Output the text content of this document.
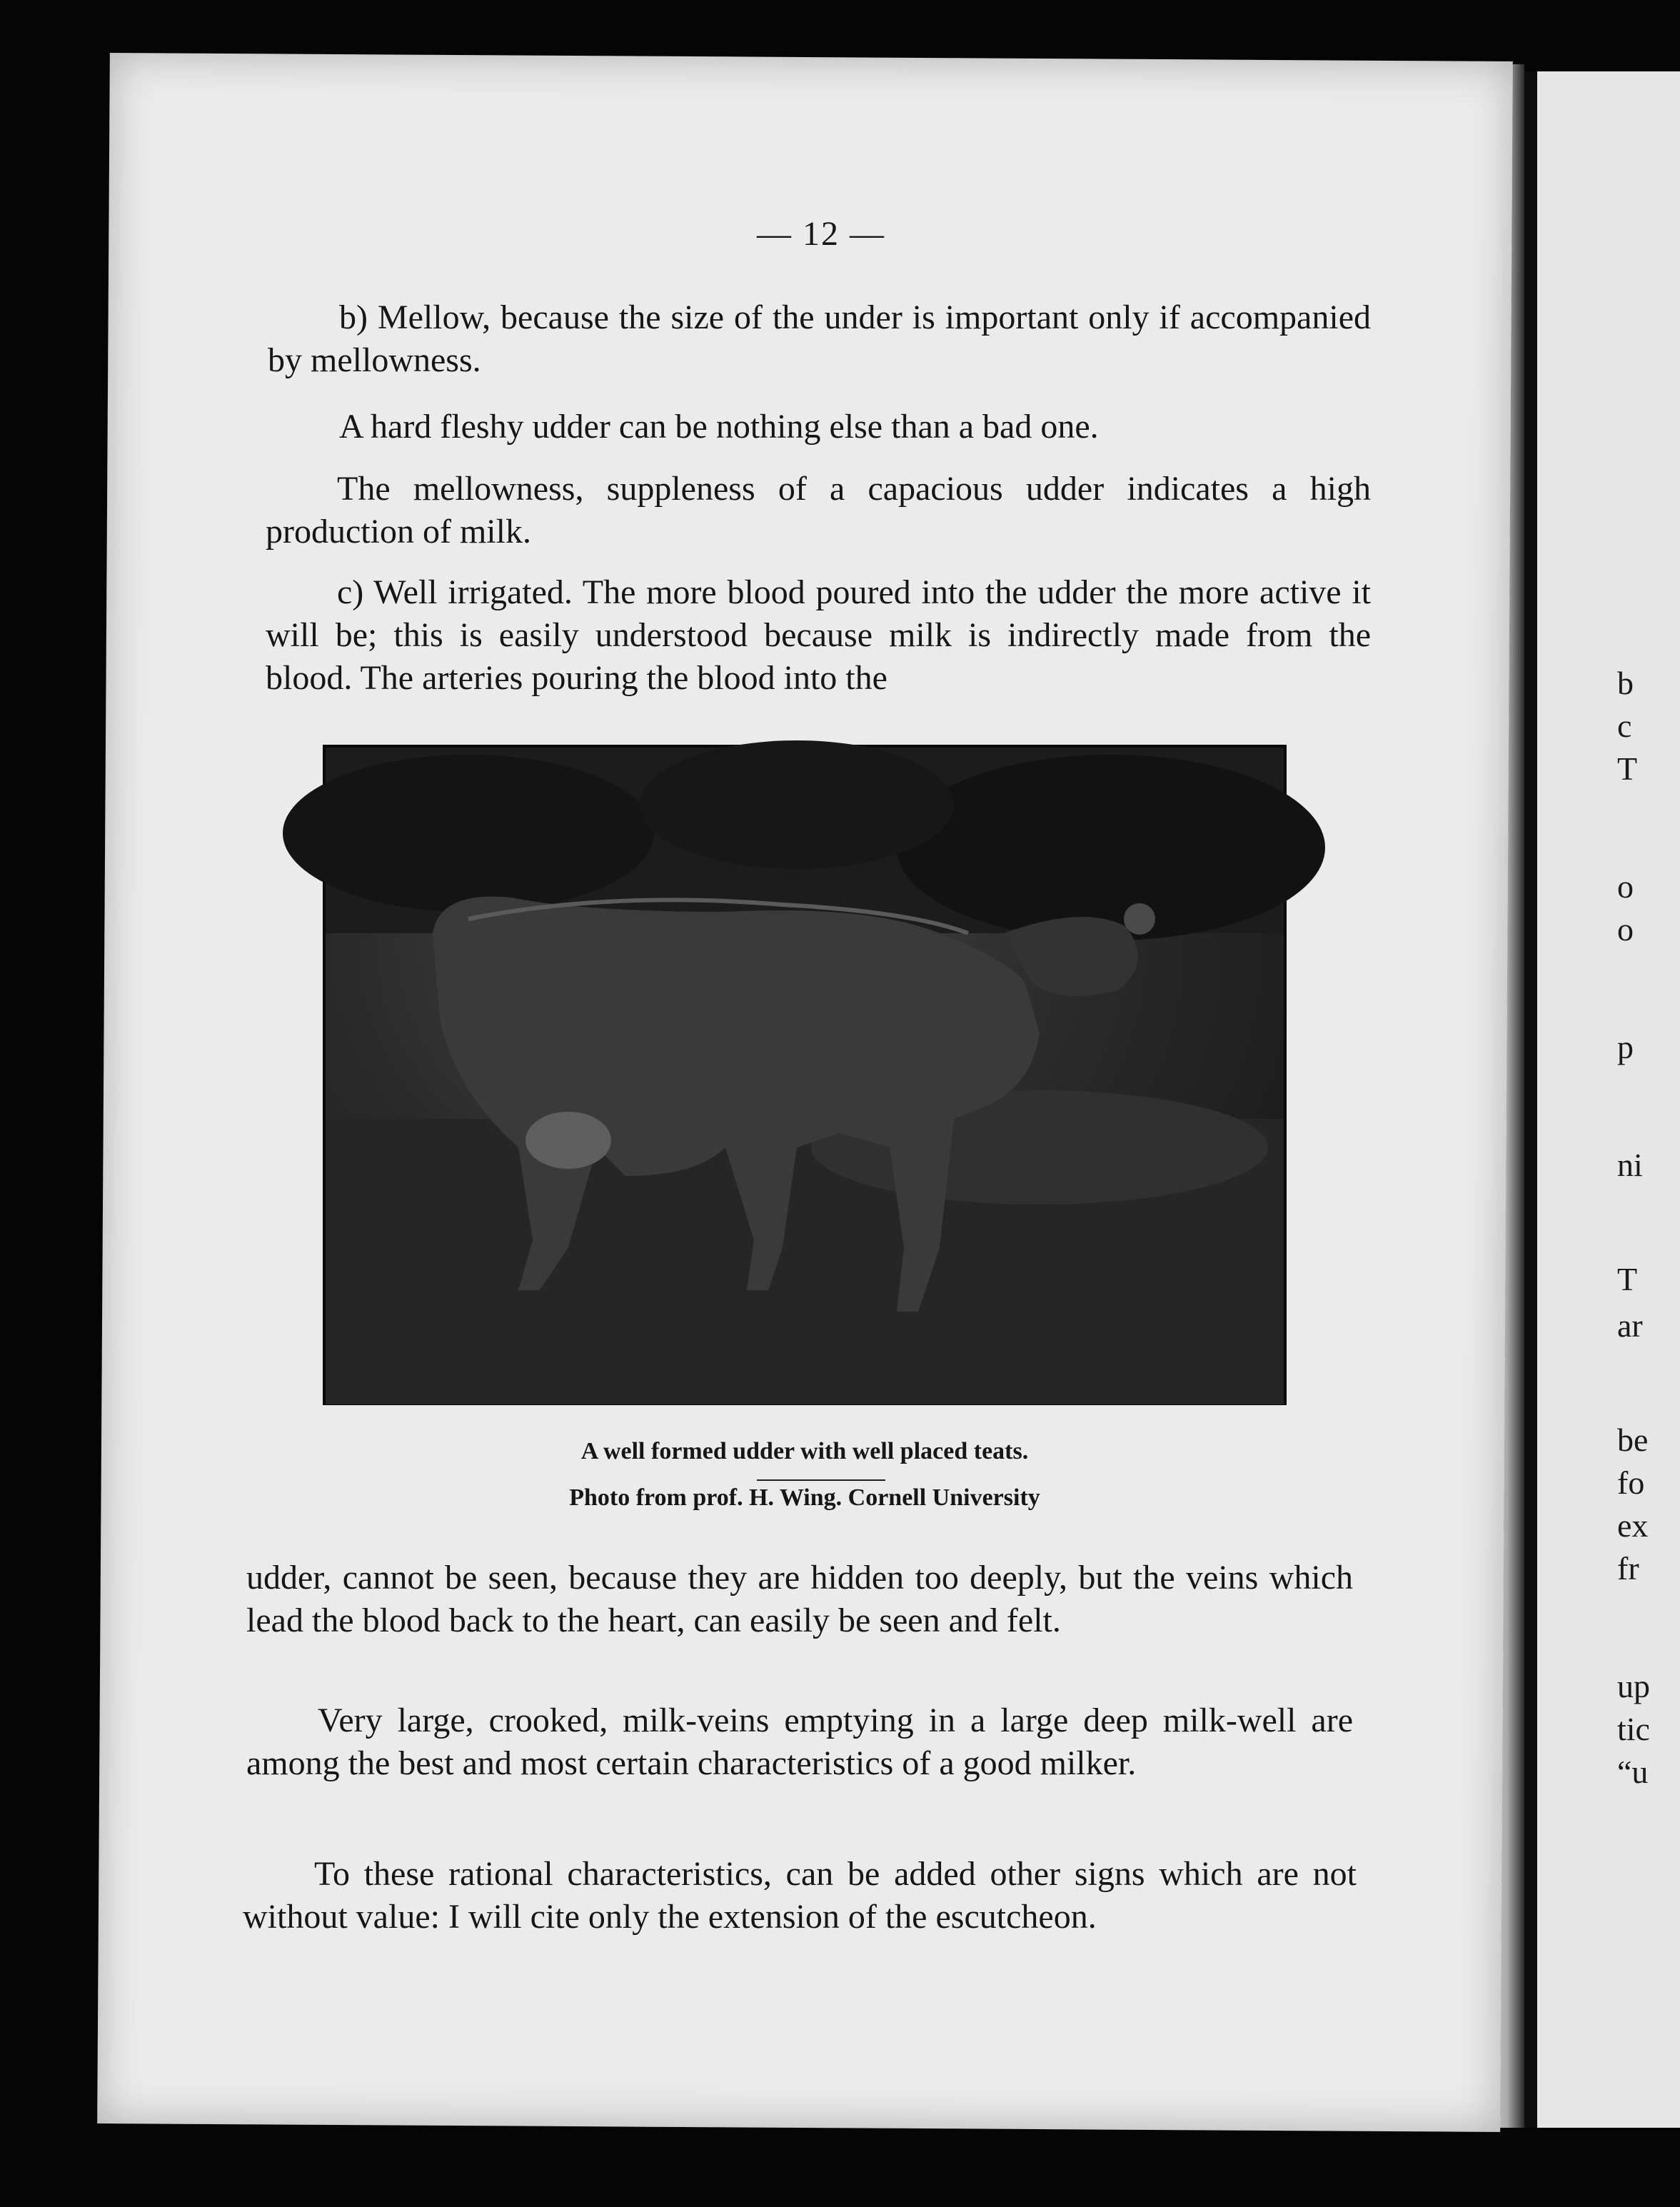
— 12 —
b) Mellow, because the size of the under is important only if accompanied by mellowness.
A hard fleshy udder can be nothing else than a bad one.
The mellowness, suppleness of a capacious udder indicates a high production of milk.
c) Well irrigated. The more blood poured into the udder the more active it will be; this is easily understood because milk is indirectly made from the blood. The arteries pouring the blood into the
A well formed udder with well placed teats.
Photo from prof. H. Wing. Cornell University
udder, cannot be seen, because they are hidden too deeply, but the veins which lead the blood back to the heart, can easily be seen and felt.
Very large, crooked, milk-veins emptying in a large deep milk-well are among the best and most certain characteristics of a good milker.
To these rational characteristics, can be added other signs which are not without value: I will cite only the extension of the escutcheon.
b
c
T
o
o
p
ni
T
ar
be
fo
ex
fr
up
tic
“u
